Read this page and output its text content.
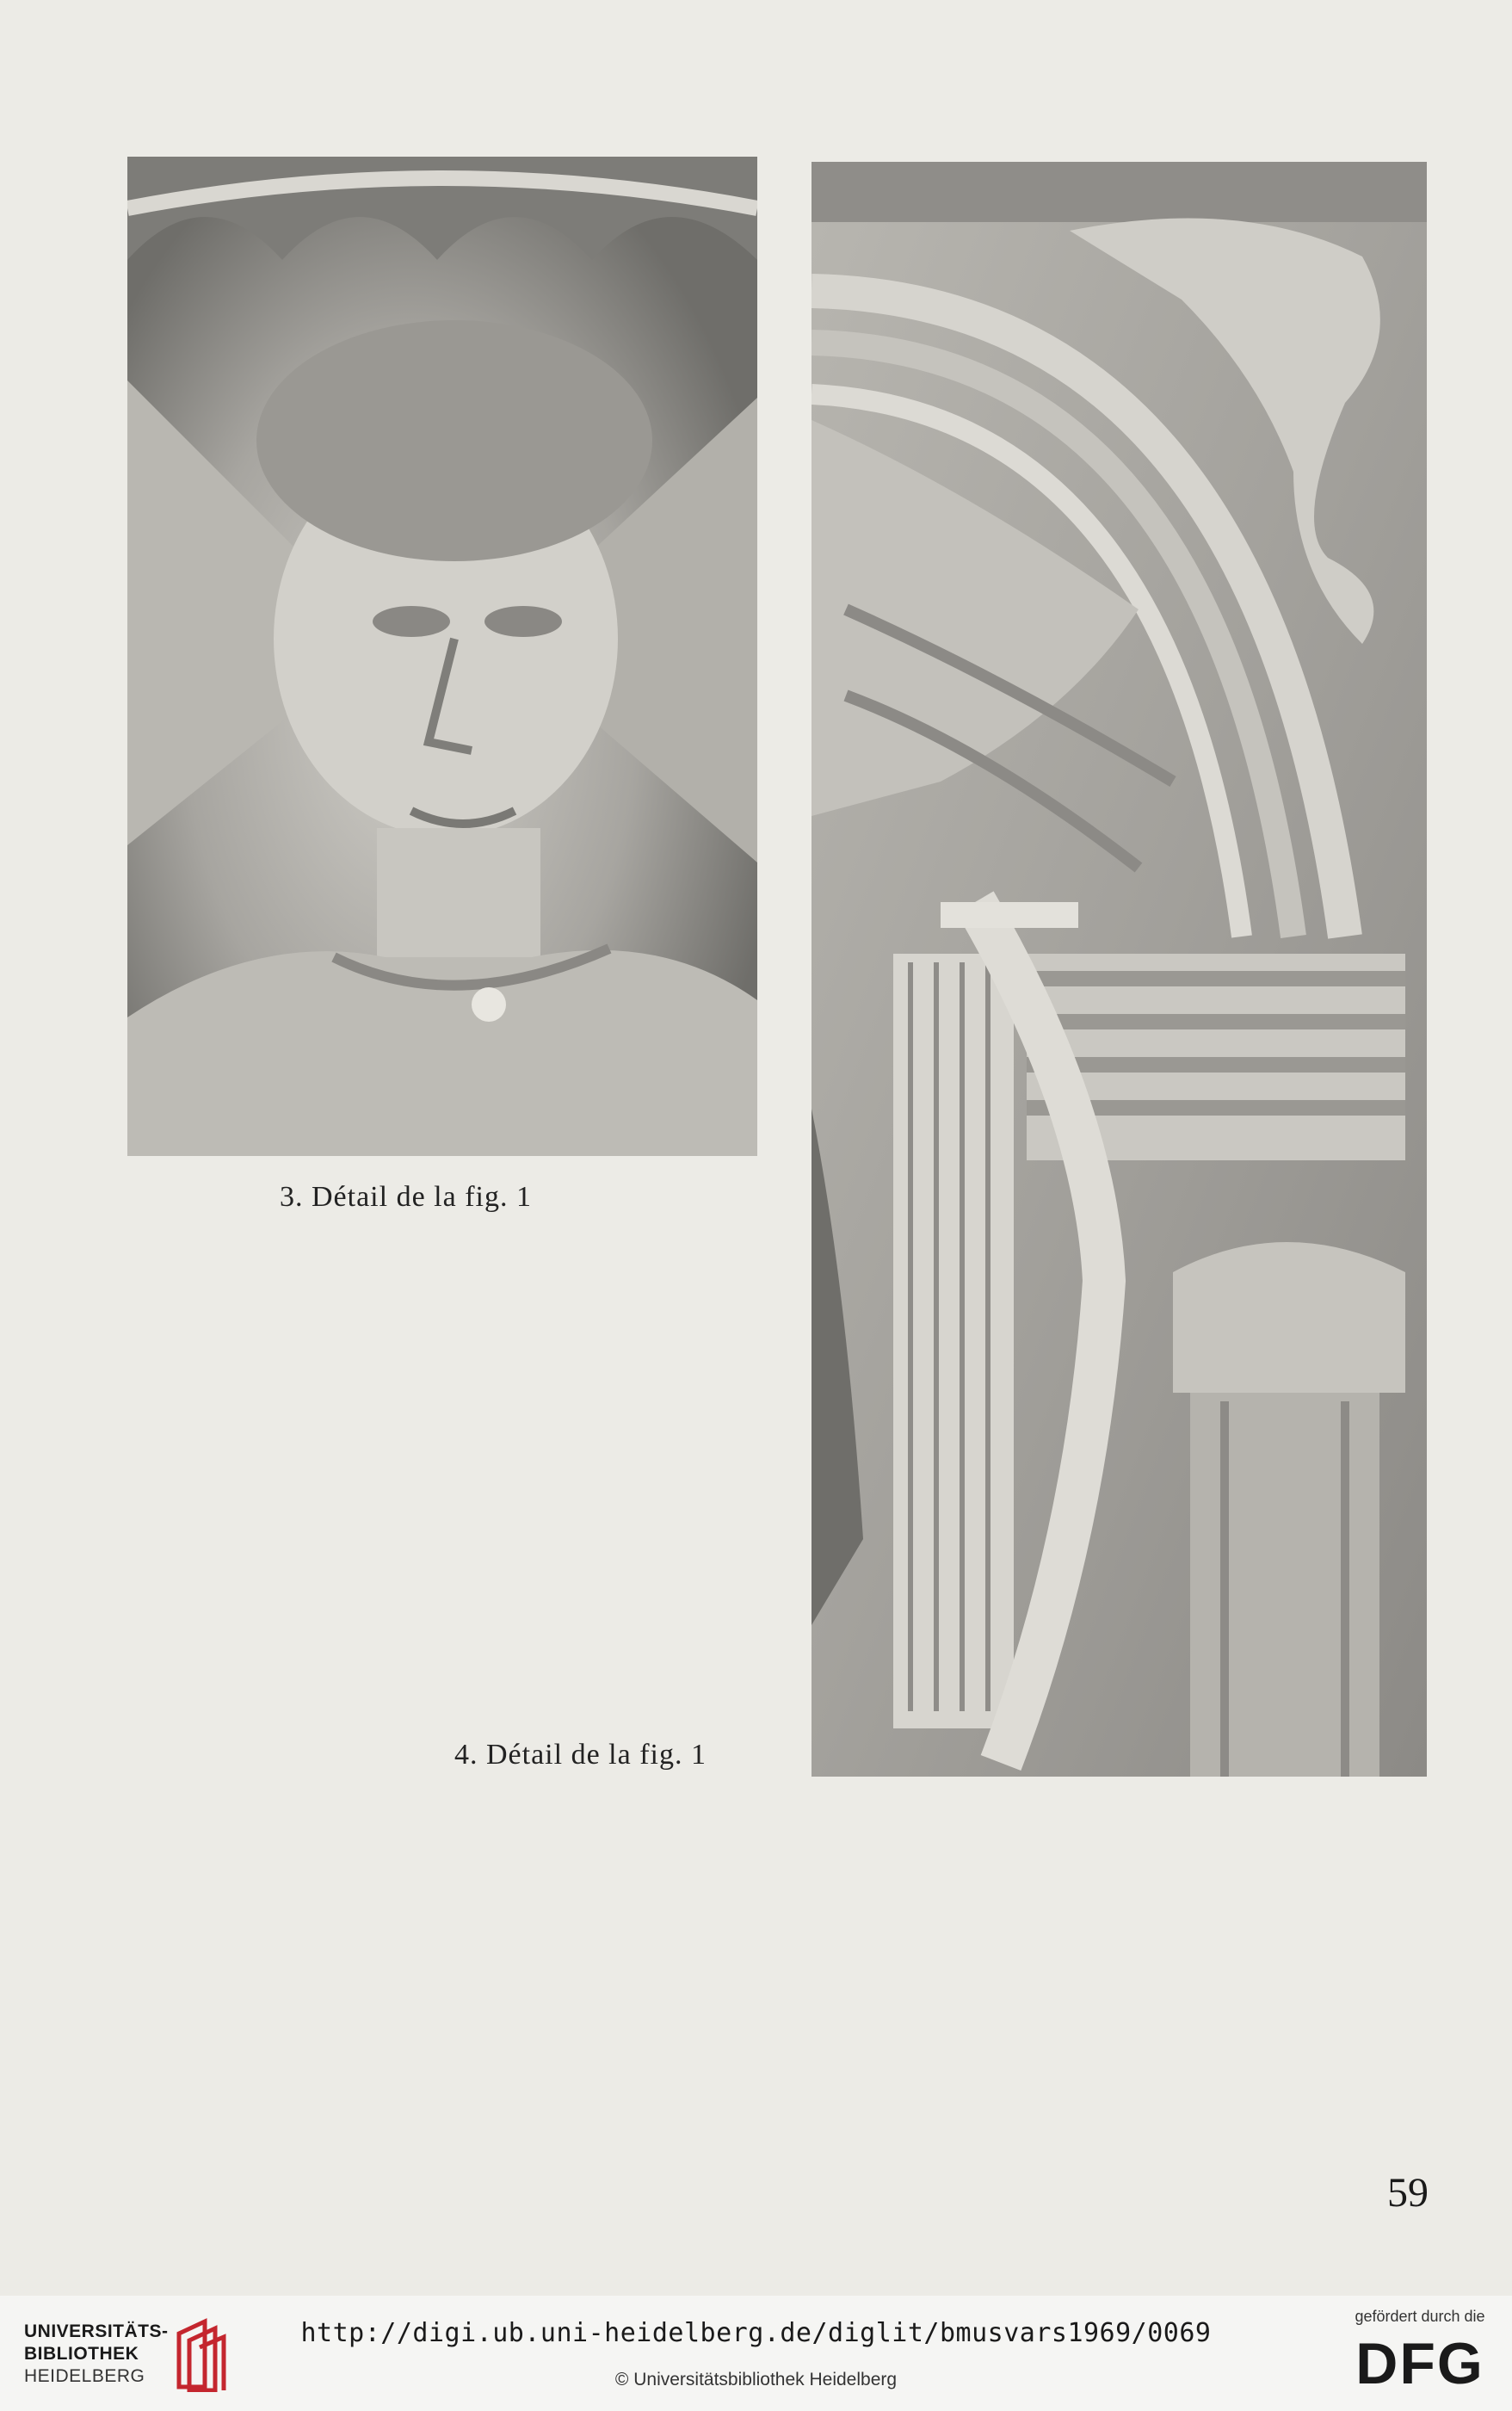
3. Détail de la fig. 1
4. Détail de la fig. 1
59
UNIVERSITÄTS-
BIBLIOTHEK
HEIDELBERG
http://digi.ub.uni-heidelberg.de/diglit/bmusvars1969/0069
© Universitätsbibliothek Heidelberg
gefördert durch die
DFG
